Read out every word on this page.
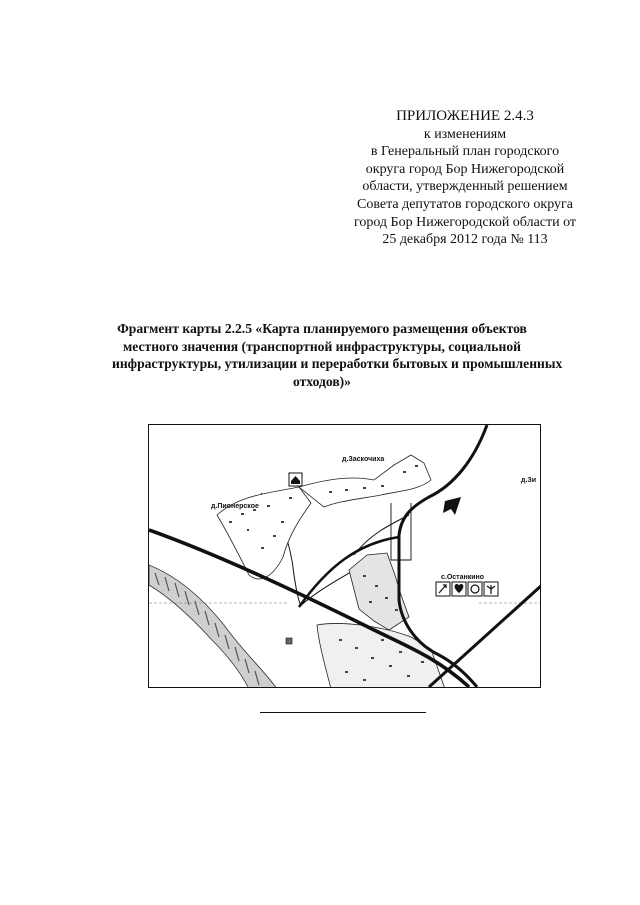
ПРИЛОЖЕНИЕ 2.4.3
к изменениям
в Генеральный план городского
округа город Бор Нижегородской
области, утвержденный решением
Совета депутатов городского округа
город Бор Нижегородской области от
25 декабря 2012 года № 113
Фрагмент карты 2.2.5 «Карта планируемого размещения объектов
местного значения (транспортной инфраструктуры, социальной
инфраструктуры, утилизации и переработки бытовых и промышленных
отходов)»
д.Заскочиха
д.Пионерское
с.Останкино
д.Зи
